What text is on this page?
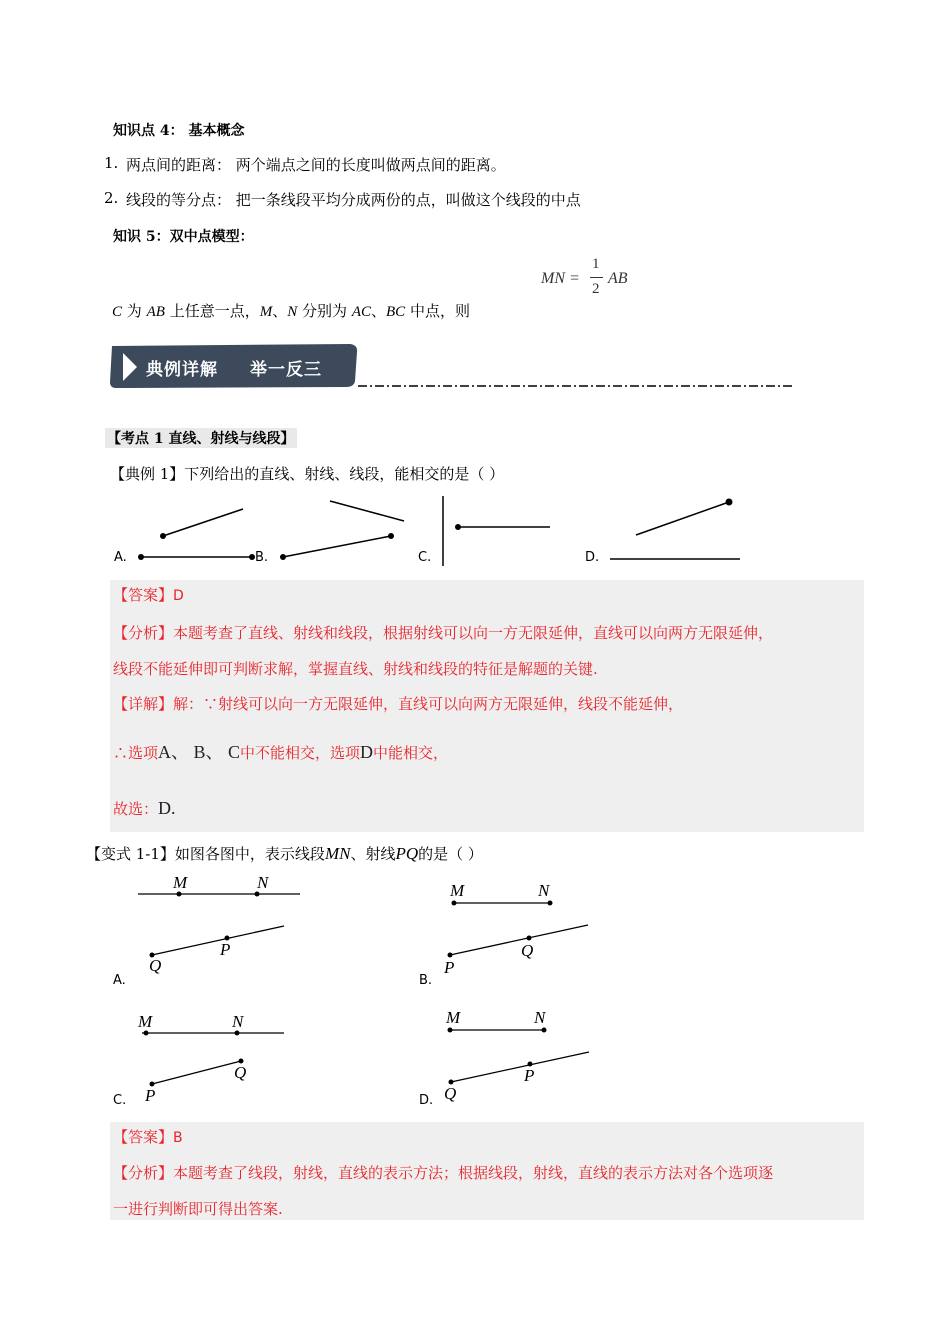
知识点 4： 基本概念
1. 两点间的距离： 两个端点之间的长度叫做两点间的距离。
2. 线段的等分点： 把一条线段平均分成两份的点，叫做这个线段的中点
知识 5：双中点模型：
MN =
1
2
AB
C 为 AB 上任意一点，M、N 分别为 AC、BC 中点，则
典例详解 举一反三
【考点 1 直线、射线与线段】
【典例 1】下列给出的直线、射线、线段，能相交的是（ ）
A.	B.	C.	D.
【答案】D
【分析】本题考查了直线、射线和线段，根据射线可以向一方无限延伸，直线可以向两方无限延伸，
线段不能延伸即可判断求解，掌握直线、射线和线段的特征是解题的关键.
【详解】解：∵射线可以向一方无限延伸，直线可以向两方无限延伸，线段不能延伸，
∴选项A、 B、 C中不能相交，选项D中能相交，
故选：D.
【变式 1-1】如图各图中，表示线段MN、射线PQ的是（ ）
M	N
Q
P
M	N
P
Q
M	N
P
Q
M	N
Q
P
A.	B.
C.	D.
【答案】B
【分析】本题考查了线段，射线，直线的表示方法；根据线段，射线，直线的表示方法对各个选项逐
一进行判断即可得出答案.
